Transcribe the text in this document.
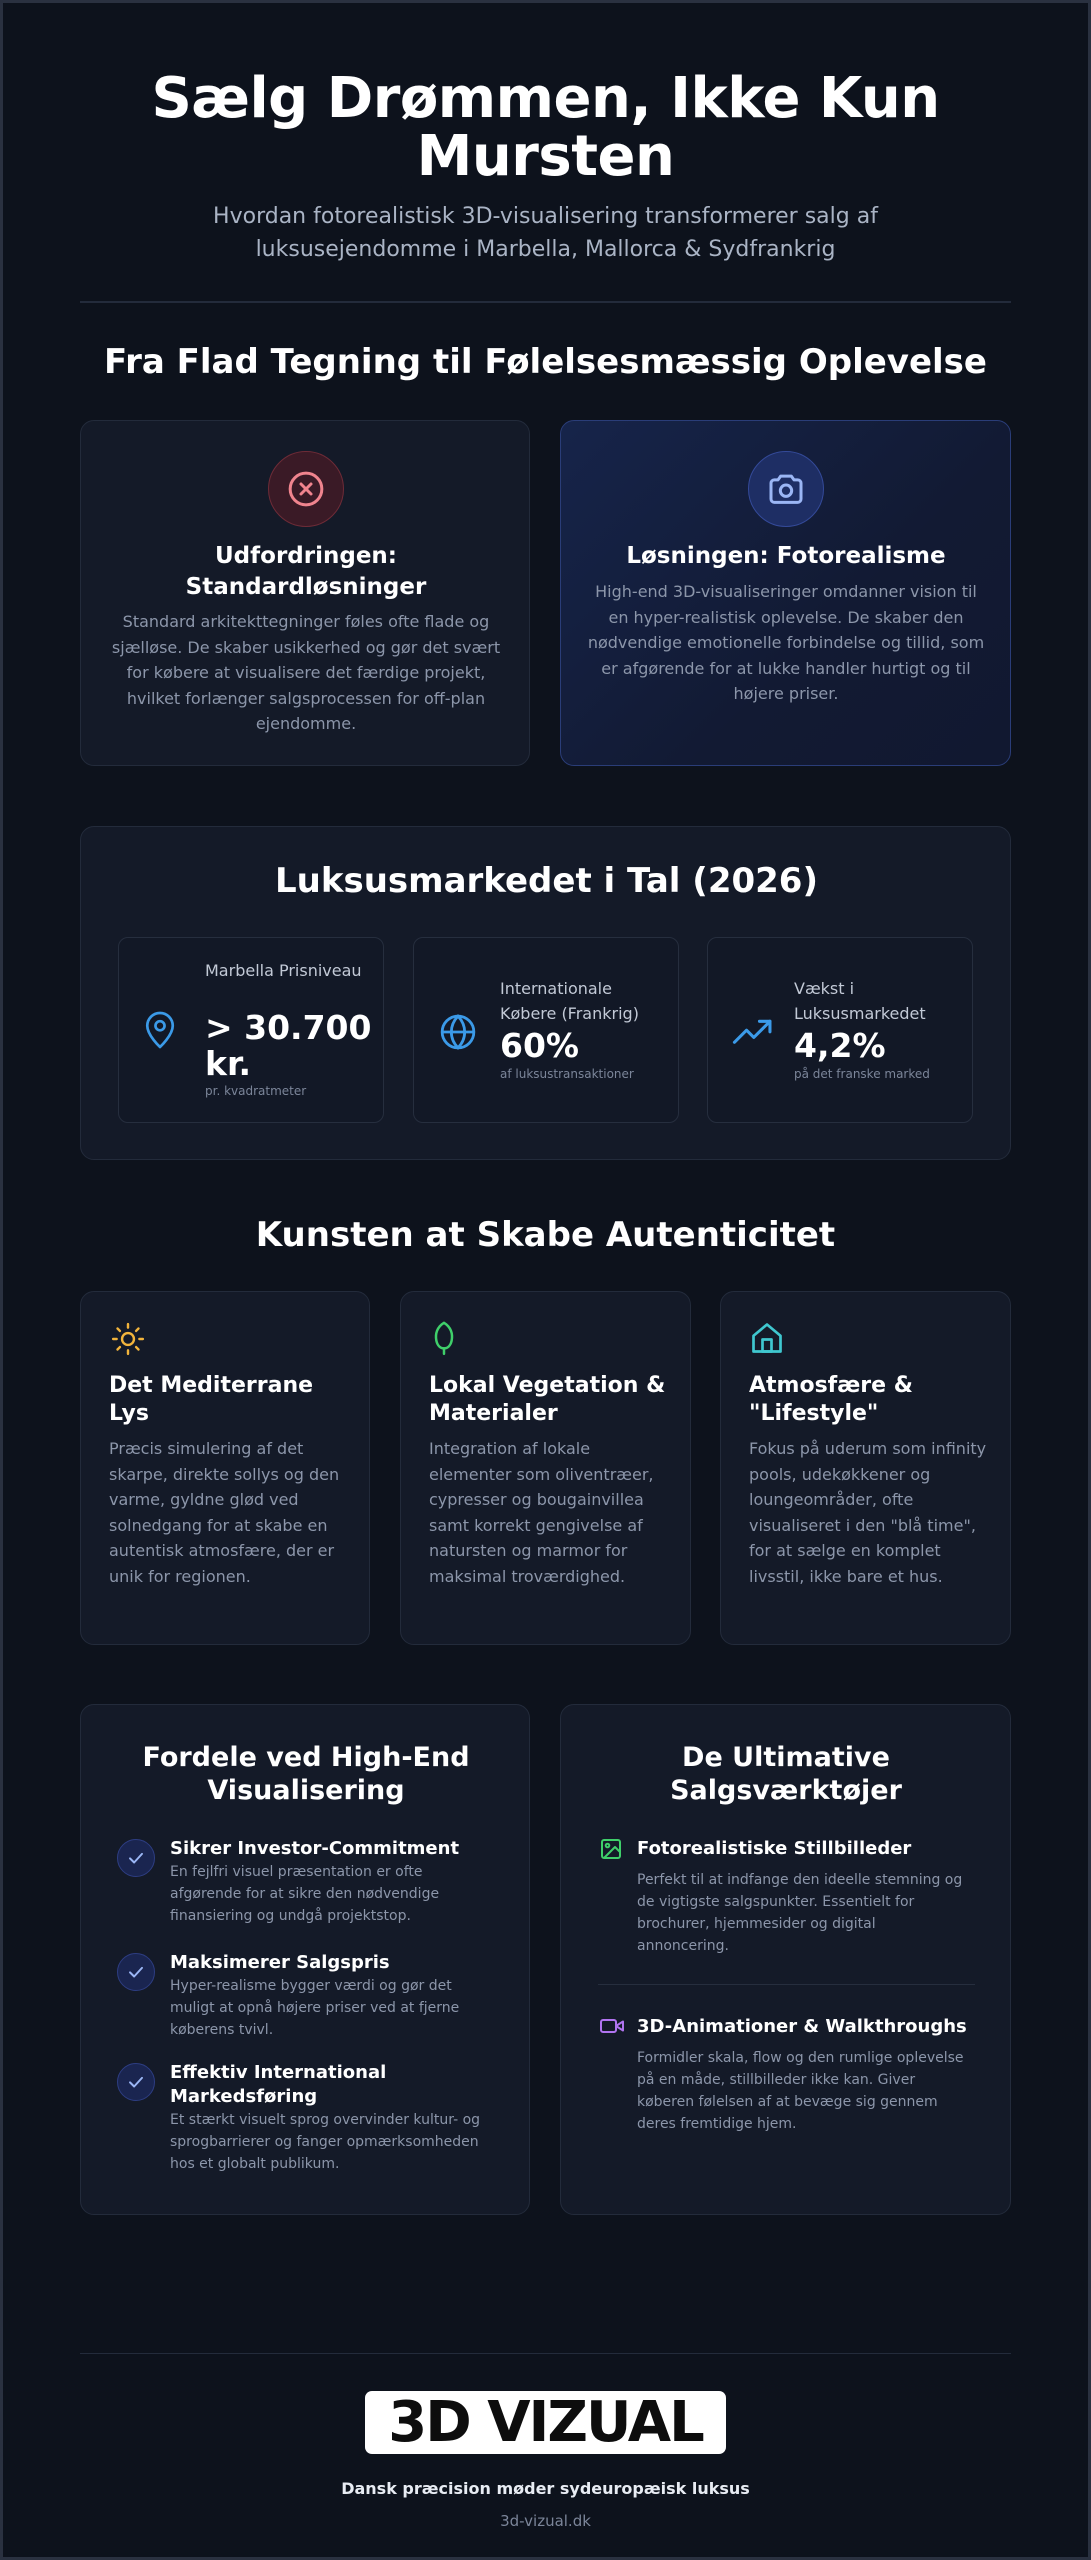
Sælg Drømmen, Ikke Kun Mursten

Hvordan fotorealistisk 3D-visualisering transformerer salg af luksusejendomme i Marbella, Mallorca & Sydfrankrig

Fra Flad Tegning til Følelsesmæssig Oplevelse
Udfordringen: Standardløsninger
Standard arkitekttegninger føles ofte flade og sjælløse. De skaber usikkerhed og gør det svært for købere at visualisere det færdige projekt, hvilket forlænger salgsprocessen for off-plan ejendomme.
Løsningen: Fotorealisme
High-end 3D-visualiseringer omdanner vision til en hyper-realistisk oplevelse. De skaber den nødvendige emotionelle forbindelse og tillid, som er afgørende for at lukke handler hurtigt og til højere priser.
Luksusmarkedet i Tal (2026)
Marbella Prisniveau
> 30.700 kr.
pr. kvadratmeter
Internationale Købere (Frankrig)
60%
af luksustransaktioner
Vækst i Luksusmarkedet
4,2%
på det franske marked
Kunsten at Skabe Autenticitet
Det Mediterrane Lys
Præcis simulering af det skarpe, direkte sollys og den varme, gyldne glød ved solnedgang for at skabe en autentisk atmosfære, der er unik for regionen.
Lokal Vegetation & Materialer
Integration af lokale elementer som oliventræer, cypresser og bougainvillea samt korrekt gengivelse af natursten og marmor for maksimal troværdighed.
Atmosfære & "Lifestyle"
Fokus på uderum som infinity pools, udekøkkener og loungeområder, ofte visualiseret i den "blå time", for at sælge en komplet livsstil, ikke bare et hus.
Fordele ved High-End Visualisering
Sikrer Investor-Commitment
En fejlfri visuel præsentation er ofte afgørende for at sikre den nødvendige finansiering og undgå projektstop.
Maksimerer Salgspris
Hyper-realisme bygger værdi og gør det muligt at opnå højere priser ved at fjerne køberens tvivl.
Effektiv International Markedsføring
Et stærkt visuelt sprog overvinder kultur- og sprogbarrierer og fanger opmærksomheden hos et globalt publikum.
De Ultimative Salgsværktøjer
Fotorealistiske Stillbilleder
Perfekt til at indfange den ideelle stemning og de vigtigste salgspunkter. Essentielt for brochurer, hjemmesider og digital annoncering.
3D-Animationer & Walkthroughs
Formidler skala, flow og den rumlige oplevelse på en måde, stillbilleder ikke kan. Giver køberen følelsen af at bevæge sig gennem deres fremtidige hjem.
3D VIZUAL
Dansk præcision møder sydeuropæisk luksus
3d-vizual.dk
